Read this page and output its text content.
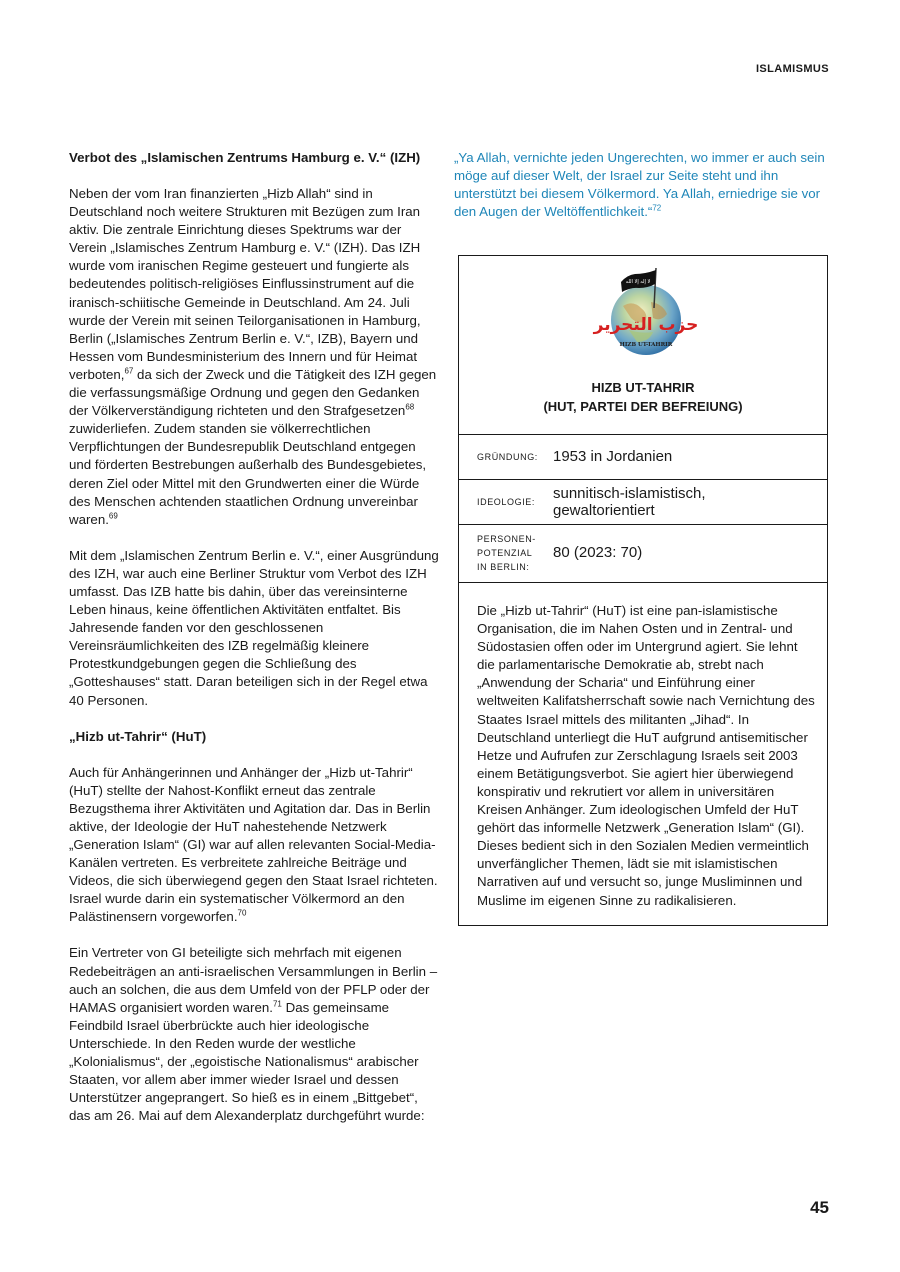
ISLAMISMUS
Verbot des „Islamischen Zentrums Hamburg e. V.“ (IZH)

Neben der vom Iran finanzierten „Hizb Allah“ sind in Deutschland noch weitere Strukturen mit Bezügen zum Iran aktiv. Die zentrale Einrichtung dieses Spektrums war der Verein „Islamisches Zentrum Hamburg e. V.“ (IZH). Das IZH wurde vom iranischen Regime gesteuert und fungierte als bedeutendes politisch-religiöses Einflussinstrument auf die iranisch-schiitische Gemeinde in Deutschland. Am 24. Juli wurde der Verein mit seinen Teilorganisationen in Hamburg, Berlin („Islamisches Zentrum Berlin e. V.“, IZB), Bayern und Hessen vom Bundesministerium des Innern und für Heimat verboten,$^{67}$ da sich der Zweck und die Tätigkeit des IZH gegen die verfassungsmäßige Ordnung und gegen den Gedanken der Völkerverständigung richteten und den Strafgesetzen$^{68}$ zuwiderliefen. Zudem standen sie völkerrechtlichen Verpflichtungen der Bundesrepublik Deutschland entgegen und förderten Bestrebungen außerhalb des Bundesgebietes, deren Ziel oder Mittel mit den Grundwerten einer die Würde des Menschen achtenden staatlichen Ordnung unvereinbar waren.$^{69}$

Mit dem „Islamischen Zentrum Berlin e. V.“, einer Ausgründung des IZH, war auch eine Berliner Struktur vom Verbot des IZH umfasst. Das IZB hatte bis dahin, über das vereinsinterne Leben hinaus, keine öffentlichen Aktivitäten entfaltet. Bis Jahresende fanden vor den geschlossenen Vereinsräumlichkeiten des IZB regelmäßig kleinere Protestkundgebungen gegen die Schließung des „Gotteshauses“ statt. Daran beteiligen sich in der Regel etwa 40 Personen.

„Hizb ut-Tahrir“ (HuT)

Auch für Anhängerinnen und Anhänger der „Hizb ut-Tahrir“ (HuT) stellte der Nahost-Konflikt erneut das zentrale Bezugsthema ihrer Aktivitäten und Agitation dar. Das in Berlin aktive, der Ideologie der HuT nahestehende Netzwerk „Generation Islam“ (GI) war auf allen relevanten Social-Media-Kanälen vertreten. Es verbreitete zahlreiche Beiträge und Videos, die sich überwiegend gegen den Staat Israel richteten. Israel wurde darin ein systematischer Völkermord an den Palästinensern vorgeworfen.$^{70}$

Ein Vertreter von GI beteiligte sich mehrfach mit eigenen Redebeiträgen an anti-israelischen Versammlungen in Berlin – auch an solchen, die aus dem Umfeld von der PFLP oder der HAMAS organisiert worden waren.$^{71}$ Das gemeinsame Feindbild Israel überbrückte auch hier ideologische Unterschiede. In den Reden wurde der westliche „Kolonialismus“, der „egoistische Nationalismus“ arabischer Staaten, vor allem aber immer wieder Israel und dessen Unterstützer angeprangert. So hieß es in einem „Bittgebet“, das am 26. Mai auf dem Alexanderplatz durchgeführt wurde:

„Ya Allah, vernichte jeden Ungerechten, wo immer er auch sein möge auf dieser Welt, der Israel zur Seite steht und ihn unterstützt bei diesem Völkermord. Ya Allah, erniedrige sie vor den Augen der Weltöffentlichkeit.“$^{72}$

لا إله إلا الله
حزب التحرير
HIZB UT-TAHRIR
HIZB UT-TAHRIR
(HUT, PARTEI DER BEFREIUNG)
GRÜNDUNG: 1953 in Jordanien
IDEOLOGIE: sunnitisch-islamistisch,
gewaltorientiert
PERSONEN-
POTENZIAL
IN BERLIN:
80 (2023: 70)

Die „Hizb ut-Tahrir“ (HuT) ist eine pan-islamistische Organisation, die im Nahen Osten und in Zentral- und Südostasien offen oder im Untergrund agiert. Sie lehnt die parlamentarische Demokratie ab, strebt nach „Anwendung der Scharia“ und Einführung einer weltweiten Kalifatsherrschaft sowie nach Vernichtung des Staates Israel mittels des militanten „Jihad“. In Deutschland unterliegt die HuT aufgrund antisemitischer Hetze und Aufrufen zur Zerschlagung Israels seit 2003 einem Betätigungsverbot. Sie agiert hier überwiegend konspirativ und rekrutiert vor allem in universitären Kreisen Anhänger. Zum ideologischen Umfeld der HuT gehört das informelle Netzwerk „Generation Islam“ (GI). Dieses bedient sich in den Sozialen Medien vermeintlich unverfänglicher Themen, lädt sie mit islamistischen Narrativen auf und versucht so, junge Musliminnen und Muslime im eigenen Sinne zu radikalisieren.

45
